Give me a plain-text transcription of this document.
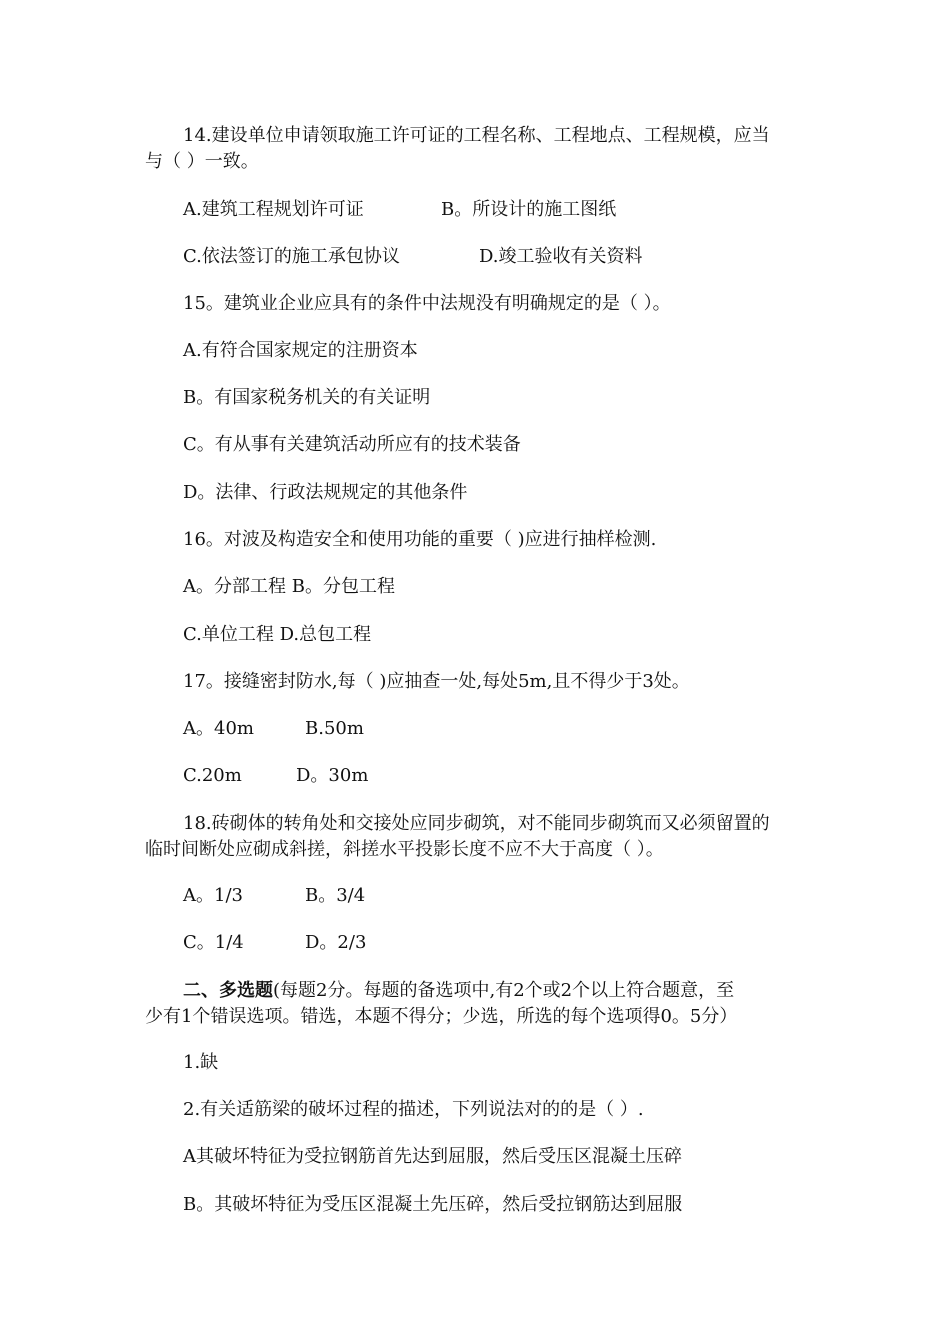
14.建设单位申请领取施工许可证的工程名称、工程地点、工程规模，应当
与（ ）一致。
A.建筑工程规划许可证	B。所设计的施工图纸
C.依法签订的施工承包协议	D.竣工验收有关资料
15。建筑业企业应具有的条件中法规没有明确规定的是（ ）。
A.有符合国家规定的注册资本
B。有国家税务机关的有关证明
C。有从事有关建筑活动所应有的技术装备
D。法律、行政法规规定的其他条件
16。对波及构造安全和使用功能的重要（ )应进行抽样检测.
A。分部工程 B。分包工程
C.单位工程 D.总包工程
17。接缝密封防水,每（ )应抽查一处,每处5m,且不得少于3处。
A。40m	B.50m
C.20m	D。30m
18.砖砌体的转角处和交接处应同步砌筑，对不能同步砌筑而又必须留置的
临时间断处应砌成斜搓，斜搓水平投影长度不应不大于高度（ ）。
A。1/3	B。3/4
C。1/4	D。2/3
二、多选题(每题2分。每题的备选项中,有2个或2个以上符合题意，至
少有1个错误选项。错选，本题不得分；少选，所选的每个选项得0。5分）
1.缺
2.有关适筋梁的破坏过程的描述，下列说法对的的是（ ）.
A其破坏特征为受拉钢筋首先达到屈服，然后受压区混凝土压碎
B。其破坏特征为受压区混凝土先压碎，然后受拉钢筋达到屈服
